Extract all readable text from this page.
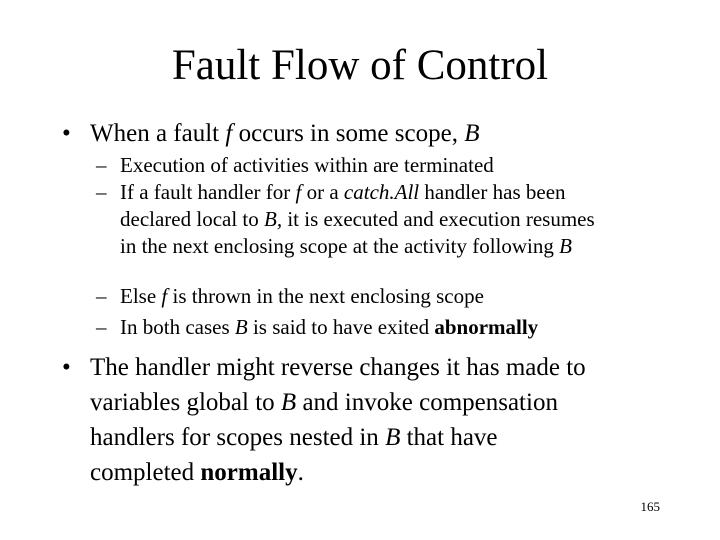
Fault Flow of Control
• When a fault f occurs in some scope, B
– Execution of activities within are terminated
– If a fault handler for f or a catch.All handler has been
declared local to B, it is executed and execution resumes
in the next enclosing scope at the activity following B
– Else f is thrown in the next enclosing scope
– In both cases B is said to have exited abnormally
• The handler might reverse changes it has made to
variables global to B and invoke compensation
handlers for scopes nested in B that have
completed normally.
165
